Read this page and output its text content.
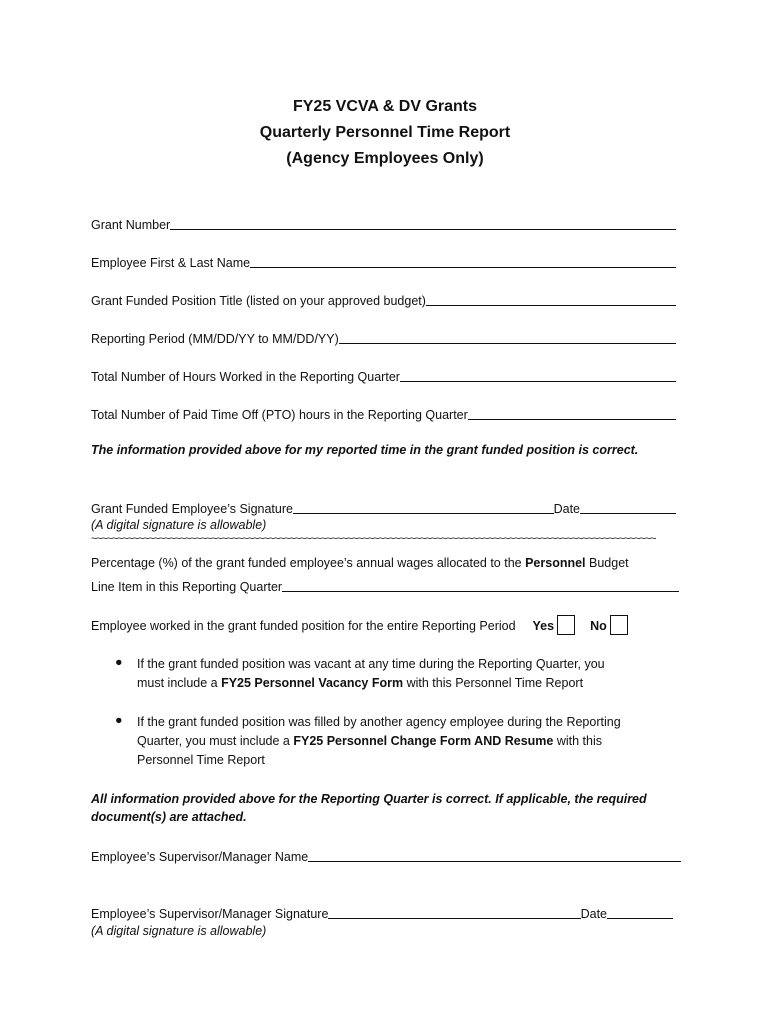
FY25 VCVA & DV Grants
Quarterly Personnel Time Report
(Agency Employees Only)
Grant Number
Employee First & Last Name
Grant Funded Position Title (listed on your approved budget)
Reporting Period (MM/DD/YY to MM/DD/YY)
Total Number of Hours Worked in the Reporting Quarter
Total Number of Paid Time Off (PTO) hours in the Reporting Quarter
The information provided above for my reported time in the grant funded position is correct.
Grant Funded Employee’s Signature	Date
(A digital signature is allowable)
~~~~~~~~~~~~~~~~~~~~~~~~~~~~~~~~~~~~~~~~~~~~~~~~~~~~~~~~~~~~~~~~~~~~~~~~~~~~~~~~~~~~~~~~~~~~~~~~~~~~~~~~~~~~
Percentage (%) of the grant funded employee’s annual wages allocated to the Personnel Budget
Line Item in this Reporting Quarter
Employee worked in the grant funded position for the entire Reporting Period Yes	No
● If the grant funded position was vacant at any time during the Reporting Quarter, you
must include a FY25 Personnel Vacancy Form with this Personnel Time Report
● If the grant funded position was filled by another agency employee during the Reporting
Quarter, you must include a FY25 Personnel Change Form AND Resume with this
Personnel Time Report
All information provided above for the Reporting Quarter is correct. If applicable, the required
document(s) are attached.
Employee’s Supervisor/Manager Name
Employee’s Supervisor/Manager Signature	Date
(A digital signature is allowable)
